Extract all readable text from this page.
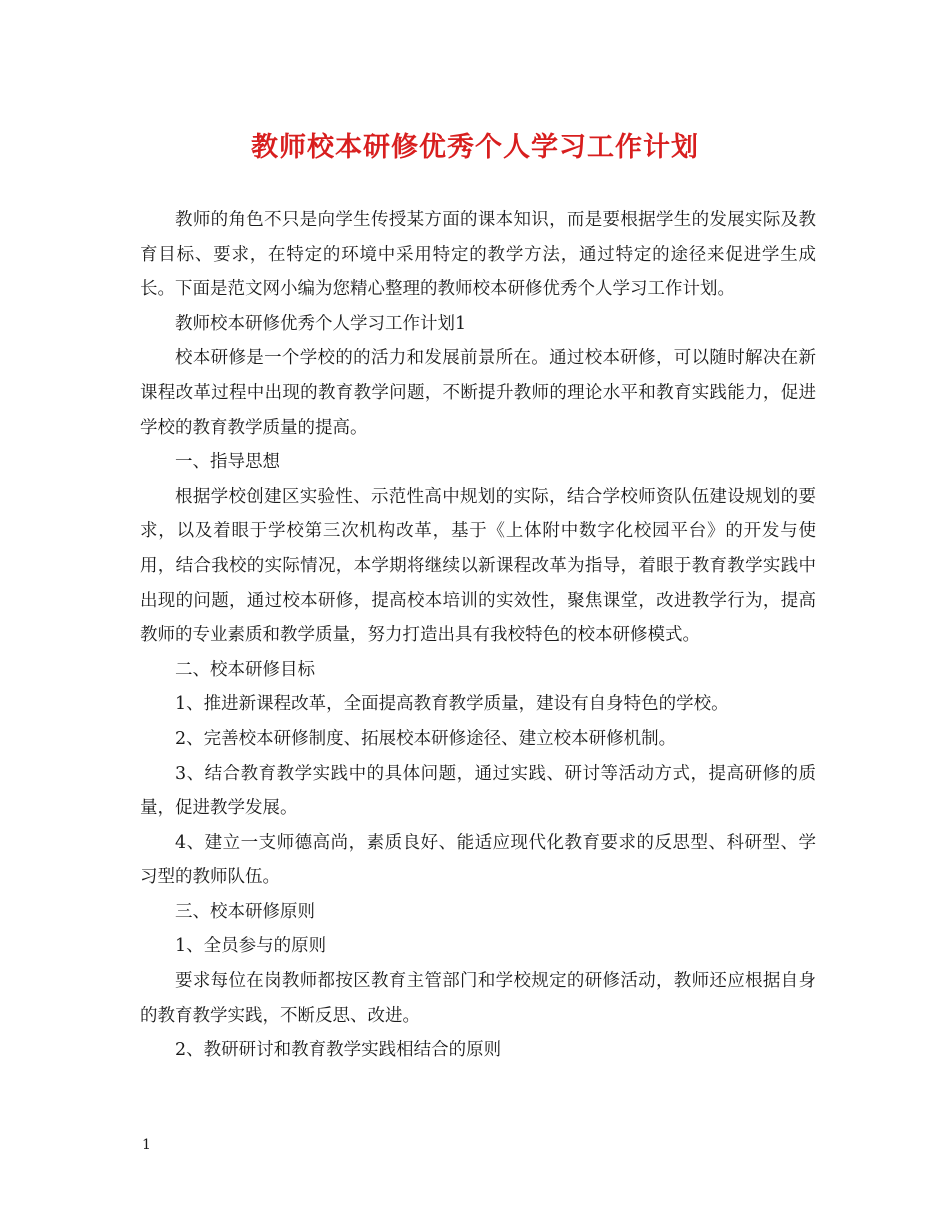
教师校本研修优秀个人学习工作计划

教师的角色不只是向学生传授某方面的课本知识，而是要根据学生的发展实际及教育目标、要求，在特定的环境中采用特定的教学方法，通过特定的途径来促进学生成长。下面是范文网小编为您精心整理的教师校本研修优秀个人学习工作计划。

教师校本研修优秀个人学习工作计划1

校本研修是一个学校的的活力和发展前景所在。通过校本研修，可以随时解决在新课程改革过程中出现的教育教学问题，不断提升教师的理论水平和教育实践能力，促进学校的教育教学质量的提高。

一、指导思想

根据学校创建区实验性、示范性高中规划的实际，结合学校师资队伍建设规划的要求，以及着眼于学校第三次机构改革，基于《上体附中数字化校园平台》的开发与使用，结合我校的实际情况，本学期将继续以新课程改革为指导，着眼于教育教学实践中出现的问题，通过校本研修，提高校本培训的实效性，聚焦课堂，改进教学行为，提高教师的专业素质和教学质量，努力打造出具有我校特色的校本研修模式。

二、校本研修目标

1、推进新课程改革，全面提高教育教学质量，建设有自身特色的学校。

2、完善校本研修制度、拓展校本研修途径、建立校本研修机制。

3、结合教育教学实践中的具体问题，通过实践、研讨等活动方式，提高研修的质量，促进教学发展。

4、建立一支师德高尚，素质良好、能适应现代化教育要求的反思型、科研型、学习型的教师队伍。

三、校本研修原则

1、全员参与的原则

要求每位在岗教师都按区教育主管部门和学校规定的研修活动，教师还应根据自身的教育教学实践，不断反思、改进。

2、教研研讨和教育教学实践相结合的原则

1
